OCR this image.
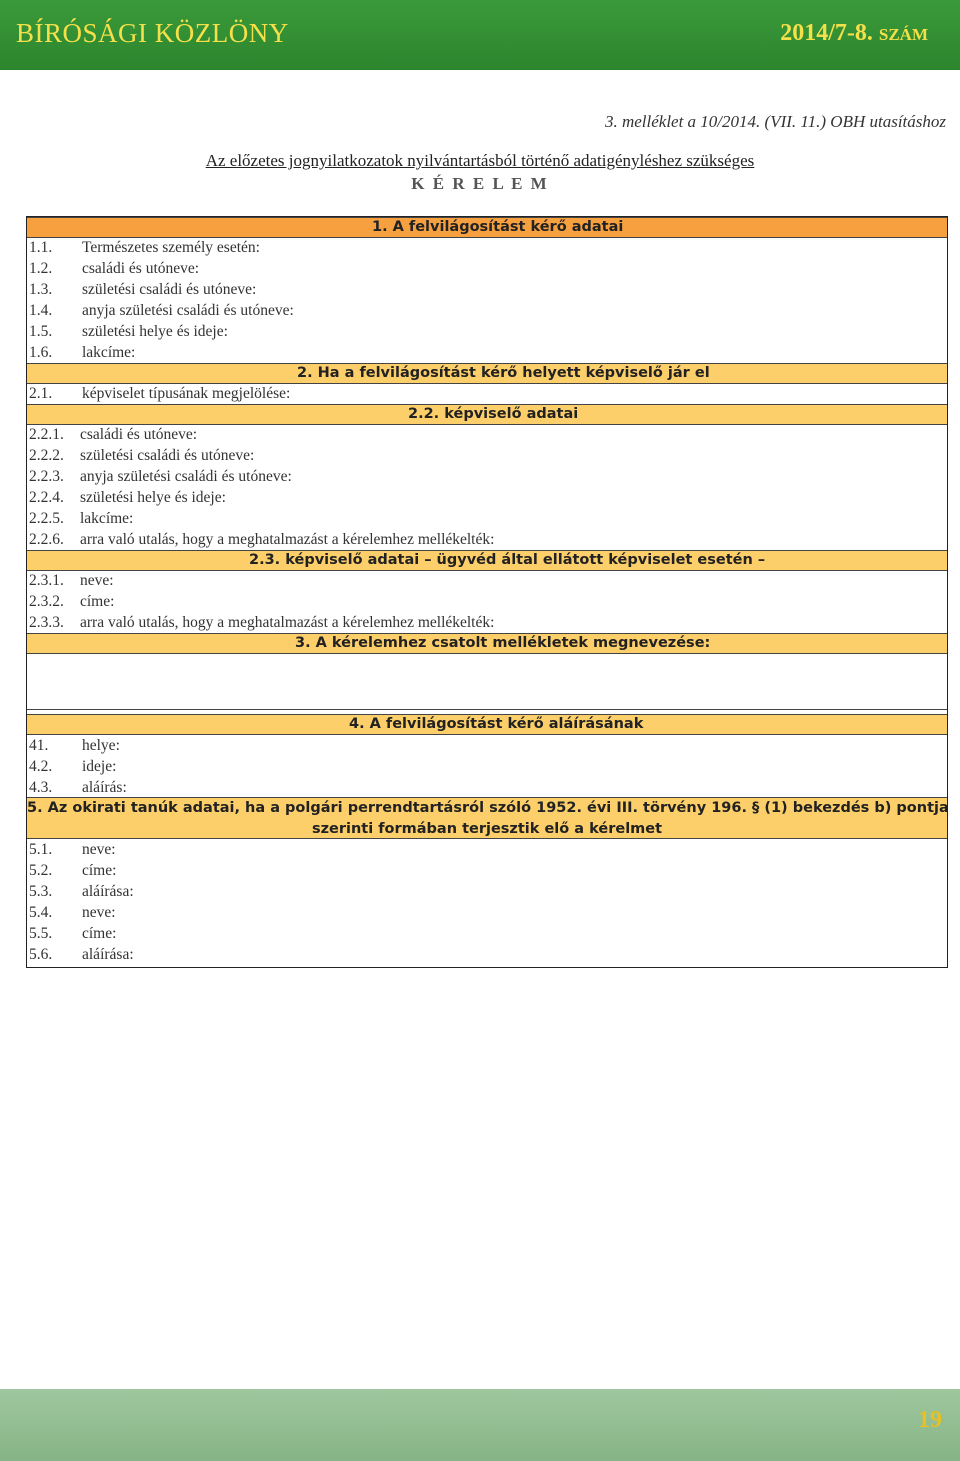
BÍRÓSÁGI KÖZLÖNY	2014/7-8. SZÁM
3. melléklet a 10/2014. (VII. 11.) OBH utasításhoz
Az előzetes jognyilatkozatok nyilvántartásból történő adatigényléshez szükséges
K É R E L E M
1. A felvilágosítást kérő adatai
1.1. Természetes személy esetén:
1.2. családi és utóneve:
1.3. születési családi és utóneve:
1.4. anyja születési családi és utóneve:
1.5. születési helye és ideje:
1.6. lakcíme:
2. Ha a felvilágosítást kérő helyett képviselő jár el
2.1. képviselet típusának megjelölése:
2.2. képviselő adatai
2.2.1. családi és utóneve:
2.2.2. születési családi és utóneve:
2.2.3. anyja születési családi és utóneve:
2.2.4. születési helye és ideje:
2.2.5. lakcíme:
2.2.6. arra való utalás, hogy a meghatalmazást a kérelemhez mellékelték:
2.3. képviselő adatai – ügyvéd által ellátott képviselet esetén –
2.3.1. neve:
2.3.2. címe:
2.3.3. arra való utalás, hogy a meghatalmazást a kérelemhez mellékelték:
3. A kérelemhez csatolt mellékletek megnevezése:
4. A felvilágosítást kérő aláírásának
41. helye:
4.2. ideje:
4.3. aláírás:
5. Az okirati tanúk adatai, ha a polgári perrendtartásról szóló 1952. évi III. törvény 196. § (1) bekezdés b) pontja
szerinti formában terjesztik elő a kérelmet
5.1. neve:
5.2. címe:
5.3. aláírása:
5.4. neve:
5.5. címe:
5.6. aláírása:
19
